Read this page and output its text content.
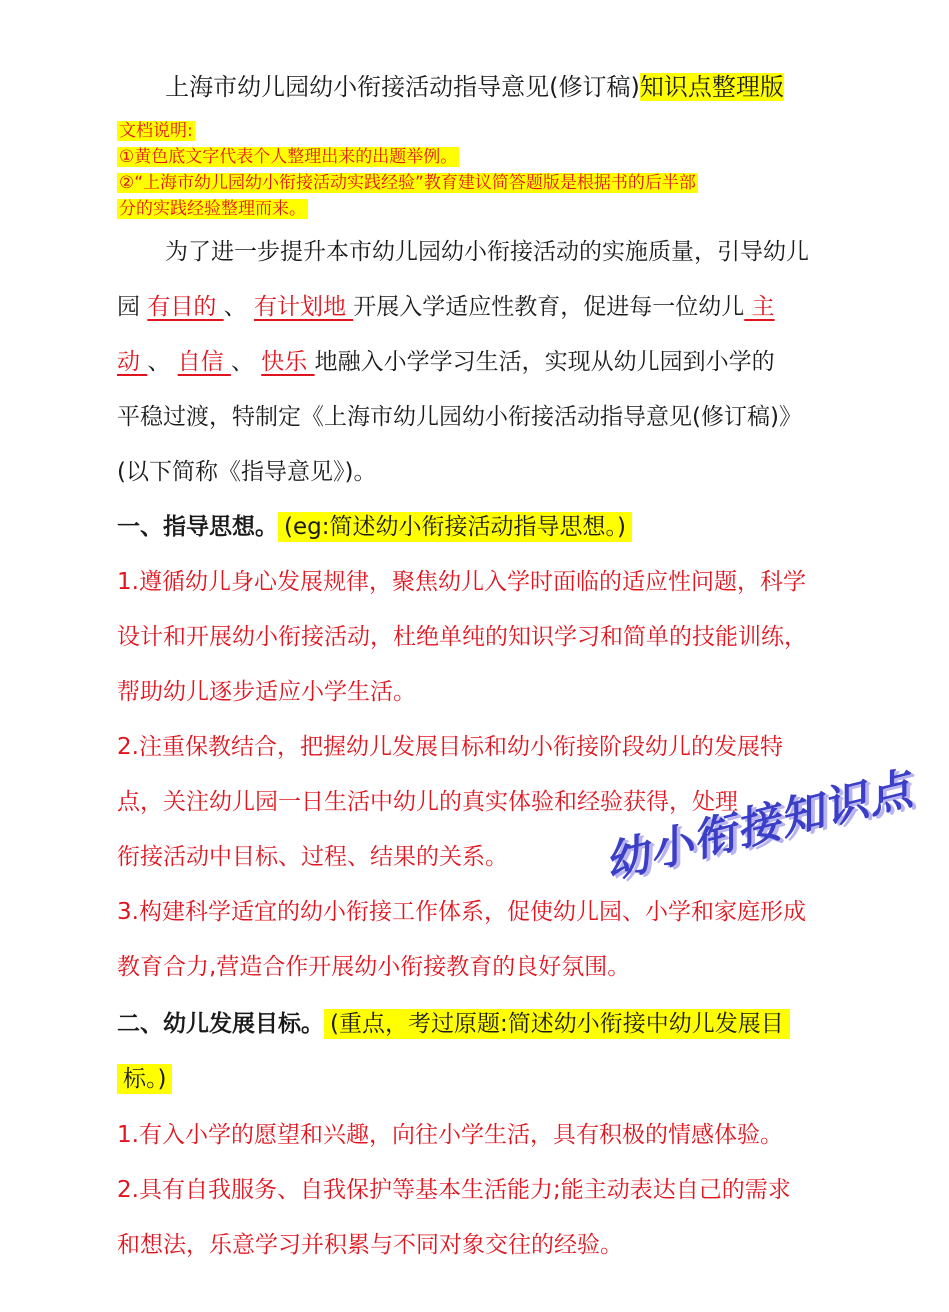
上海市幼儿园幼小衔接活动指导意见(修订稿)知识点整理版
文档说明:
①黄色底文字代表个人整理出来的出题举例。
②“上海市幼儿园幼小衔接活动实践经验”教育建议简答题版是根据书的后半部
分的实践经验整理而来。
为了进一步提升本市幼儿园幼小衔接活动的实施质量，引导幼儿
园 有目的 、 有计划地 开展入学适应性教育，促进每一位幼儿 主
动 、 自信 、 快乐 地融入小学学习生活，实现从幼儿园到小学的
平稳过渡，特制定《上海市幼儿园幼小衔接活动指导意见(修订稿)》
(以下简称《指导意见》)。
一、指导思想。 (eg:简述幼小衔接活动指导思想。)
1.遵循幼儿身心发展规律，聚焦幼儿入学时面临的适应性问题，科学
设计和开展幼小衔接活动，杜绝单纯的知识学习和简单的技能训练，
帮助幼儿逐步适应小学生活。
2.注重保教结合，把握幼儿发展目标和幼小衔接阶段幼儿的发展特
点，关注幼儿园一日生活中幼儿的真实体验和经验获得，处理
衔接活动中目标、过程、结果的关系。
3.构建科学适宜的幼小衔接工作体系，促使幼儿园、小学和家庭形成
教育合力,营造合作开展幼小衔接教育的良好氛围。
二、幼儿发展目标。 (重点，考过原题:简述幼小衔接中幼儿发展目
标。)
1.有入小学的愿望和兴趣，向往小学生活，具有积极的情感体验。
2.具有自我服务、自我保护等基本生活能力;能主动表达自己的需求
和想法，乐意学习并积累与不同对象交往的经验。
幼小衔接知识点
